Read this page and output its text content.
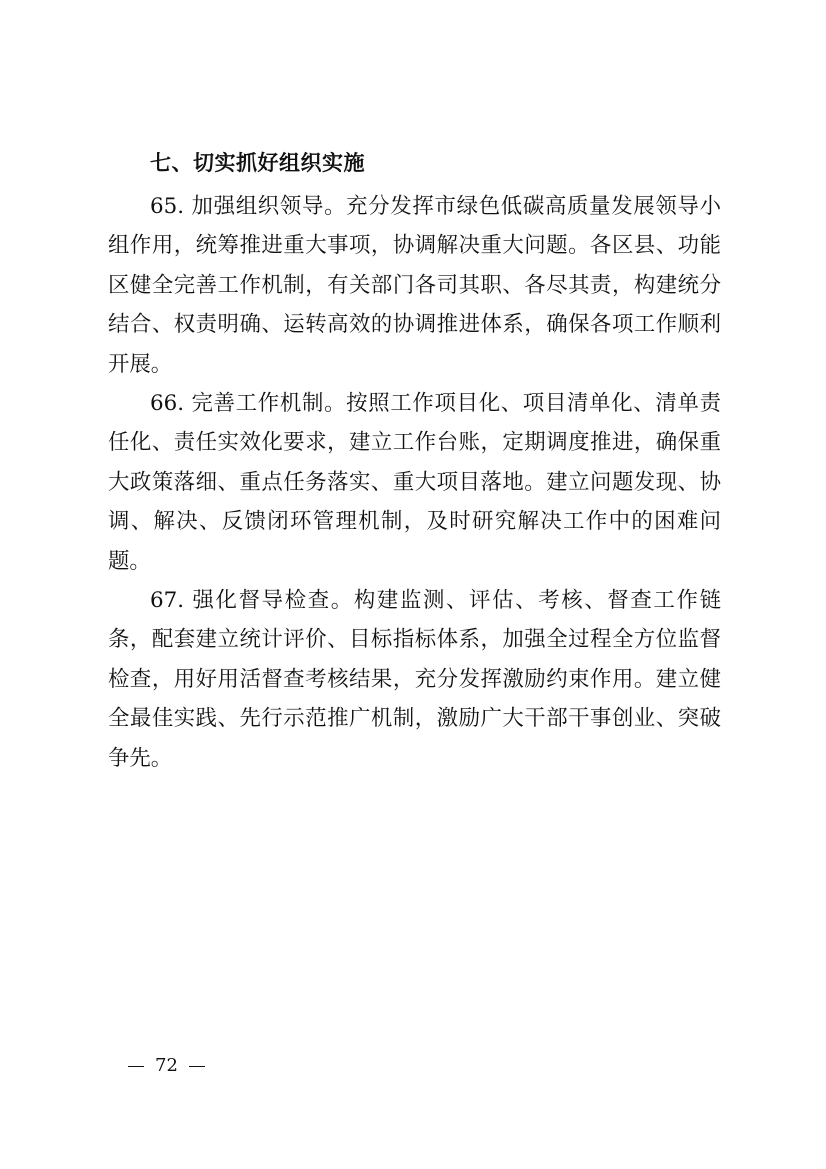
七、切实抓好组织实施

65. 加强组织领导。充分发挥市绿色低碳高质量发展领导小组作用，统筹推进重大事项，协调解决重大问题。各区县、功能区健全完善工作机制，有关部门各司其职、各尽其责，构建统分结合、权责明确、运转高效的协调推进体系，确保各项工作顺利开展。

66. 完善工作机制。按照工作项目化、项目清单化、清单责任化、责任实效化要求，建立工作台账，定期调度推进，确保重大政策落细、重点任务落实、重大项目落地。建立问题发现、协调、解决、反馈闭环管理机制，及时研究解决工作中的困难问题。

67. 强化督导检查。构建监测、评估、考核、督查工作链条，配套建立统计评价、目标指标体系，加强全过程全方位监督检查，用好用活督查考核结果，充分发挥激励约束作用。建立健全最佳实践、先行示范推广机制，激励广大干部干事创业、突破争先。

72
